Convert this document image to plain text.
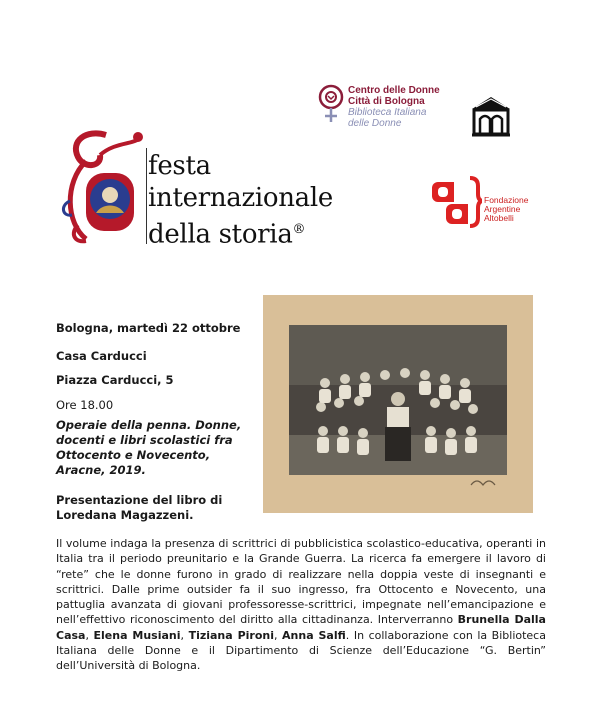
festa
internazionale
della storia®
Centro delle Donne
Città di Bologna
Biblioteca Italiana
delle Donne
Fondazione
Argentine
Altobelli
Bologna, martedì 22 ottobre
Casa Carducci
Piazza Carducci, 5
Ore 18.00
Operaie della penna. Donne, docenti e libri scolastici fra Ottocento e Novecento, Aracne, 2019.
Presentazione del libro di Loredana Magazzeni.
Il volume indaga la presenza di scrittrici di pubblicistica scolastico-educativa, operanti in Italia tra il periodo preunitario e la Grande Guerra. La ricerca fa emergere il lavoro di “rete” che le donne furono in grado di realizzare nella doppia veste di insegnanti e scrittrici. Dalle prime outsider fa il suo ingresso, fra Ottocento e Novecento, una pattuglia avanzata di giovani professoresse-scrittrici, impegnate nell’emancipazione e nell’effettivo riconoscimento del diritto alla cittadinanza. Interverranno Brunella Dalla Casa, Elena Musiani, Tiziana Pironi, Anna Salfi. In collaborazione con la Biblioteca Italiana delle Donne e il Dipartimento di Scienze dell’Educazione “G. Bertin” dell’Università di Bologna.
